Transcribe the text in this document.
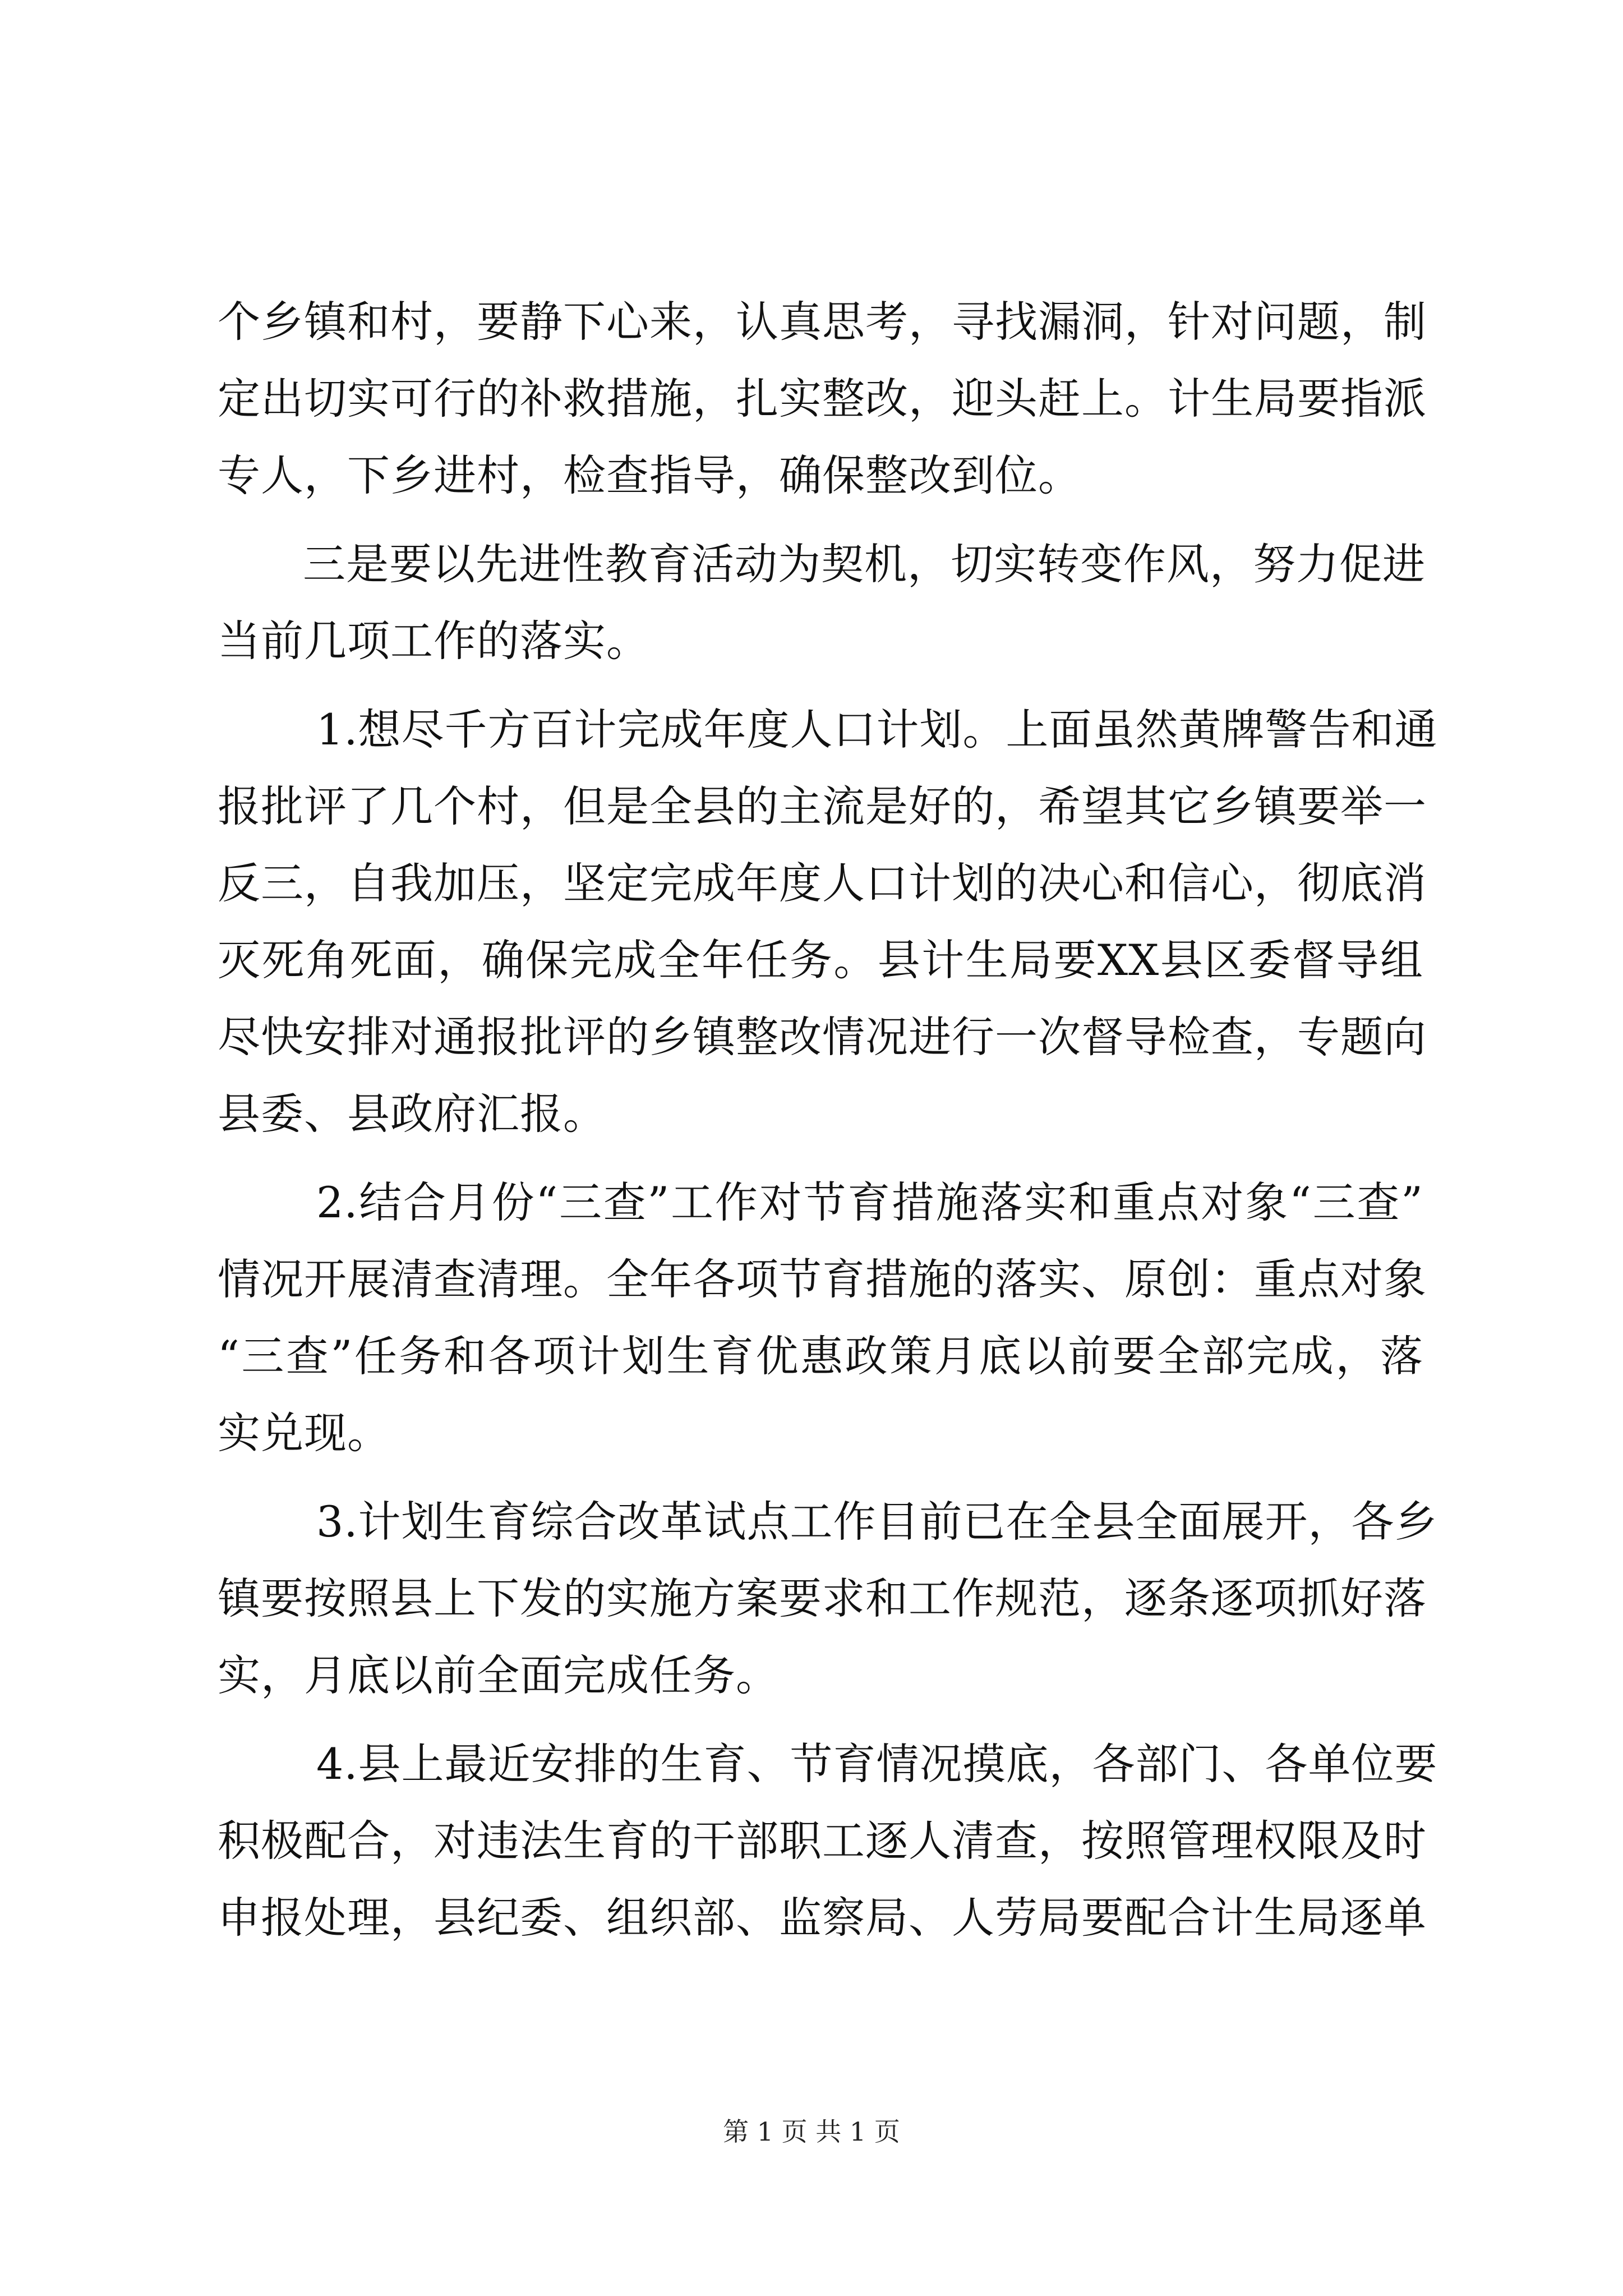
个乡镇和村，要静下心来，认真思考，寻找漏洞，针对问题，制
定出切实可行的补救措施，扎实整改，迎头赶上。计生局要指派
专人，下乡进村，检查指导，确保整改到位。
三是要以先进性教育活动为契机，切实转变作风，努力促进
当前几项工作的落实。
1.想尽千方百计完成年度人口计划。上面虽然黄牌警告和通
报批评了几个村，但是全县的主流是好的，希望其它乡镇要举一
反三，自我加压，坚定完成年度人口计划的决心和信心，彻底消
灭死角死面，确保完成全年任务。县计生局要XX县区委督导组
尽快安排对通报批评的乡镇整改情况进行一次督导检查，专题向
县委、县政府汇报。
2.结合月份“三查”工作对节育措施落实和重点对象“三查”
情况开展清查清理。全年各项节育措施的落实、原创：重点对象
“三查”任务和各项计划生育优惠政策月底以前要全部完成，落
实兑现。
3.计划生育综合改革试点工作目前已在全县全面展开，各乡
镇要按照县上下发的实施方案要求和工作规范，逐条逐项抓好落
实，月底以前全面完成任务。
4.县上最近安排的生育、节育情况摸底，各部门、各单位要
积极配合，对违法生育的干部职工逐人清查，按照管理权限及时
申报处理，县纪委、组织部、监察局、人劳局要配合计生局逐单
第 1 页 共 1 页
